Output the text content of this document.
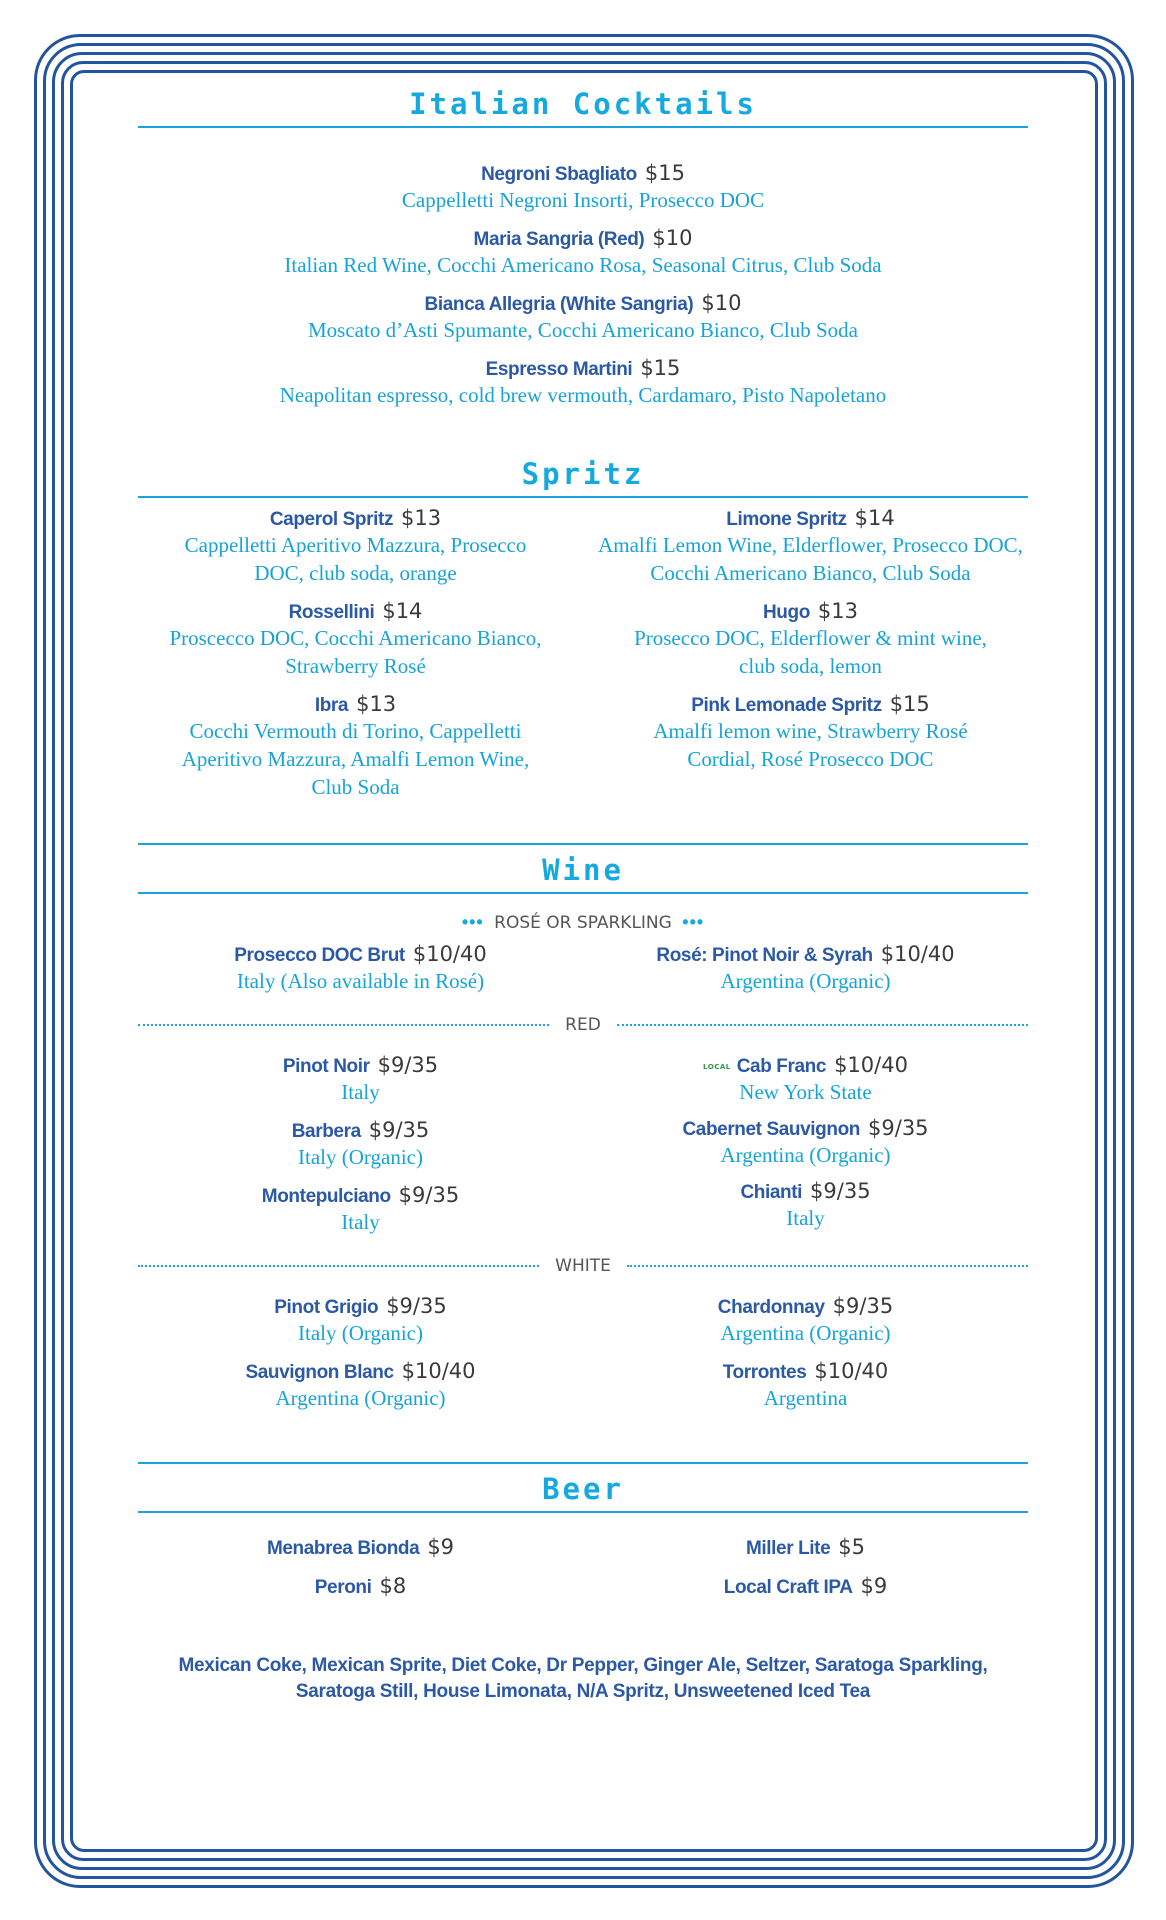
Italian Cocktails
Negroni Sbagliato $15
Cappelletti Negroni Insorti, Prosecco DOC
Maria Sangria (Red) $10
Italian Red Wine, Cocchi Americano Rosa, Seasonal Citrus, Club Soda
Bianca Allegria (White Sangria) $10
Moscato d’Asti Spumante, Cocchi Americano Bianco, Club Soda
Espresso Martini $15
Neapolitan espresso, cold brew vermouth, Cardamaro, Pisto Napoletano
Spritz
Caperol Spritz $13
Cappelletti Aperitivo Mazzura, Prosecco
DOC, club soda, orange
Rossellini $14
Proscecco DOC, Cocchi Americano Bianco,
Strawberry Rosé
Ibra $13
Cocchi Vermouth di Torino, Cappelletti
Aperitivo Mazzura, Amalfi Lemon Wine,
Club Soda
Limone Spritz $14
Amalfi Lemon Wine, Elderflower, Prosecco DOC,
Cocchi Americano Bianco, Club Soda
Hugo $13
Prosecco DOC, Elderflower & mint wine,
club soda, lemon
Pink Lemonade Spritz $15
Amalfi lemon wine, Strawberry Rosé
Cordial, Rosé Prosecco DOC
Wine
••• ROSÉ OR SPARKLING •••
Prosecco DOC Brut $10/40
Italy (Also available in Rosé)
Rosé: Pinot Noir & Syrah $10/40
Argentina (Organic)
RED
Pinot Noir $9/35
Italy
Barbera $9/35
Italy (Organic)
Montepulciano $9/35
Italy
LOCAL Cab Franc $10/40
New York State
Cabernet Sauvignon $9/35
Argentina (Organic)
Chianti $9/35
Italy
WHITE
Pinot Grigio $9/35
Italy (Organic)
Sauvignon Blanc $10/40
Argentina (Organic)
Chardonnay $9/35
Argentina (Organic)
Torrontes $10/40
Argentina
Beer
Menabrea Bionda $9
Peroni $8
Miller Lite $5
Local Craft IPA $9
Mexican Coke, Mexican Sprite, Diet Coke, Dr Pepper, Ginger Ale, Seltzer, Saratoga Sparkling,
Saratoga Still, House Limonata, N/A Spritz, Unsweetened Iced Tea
